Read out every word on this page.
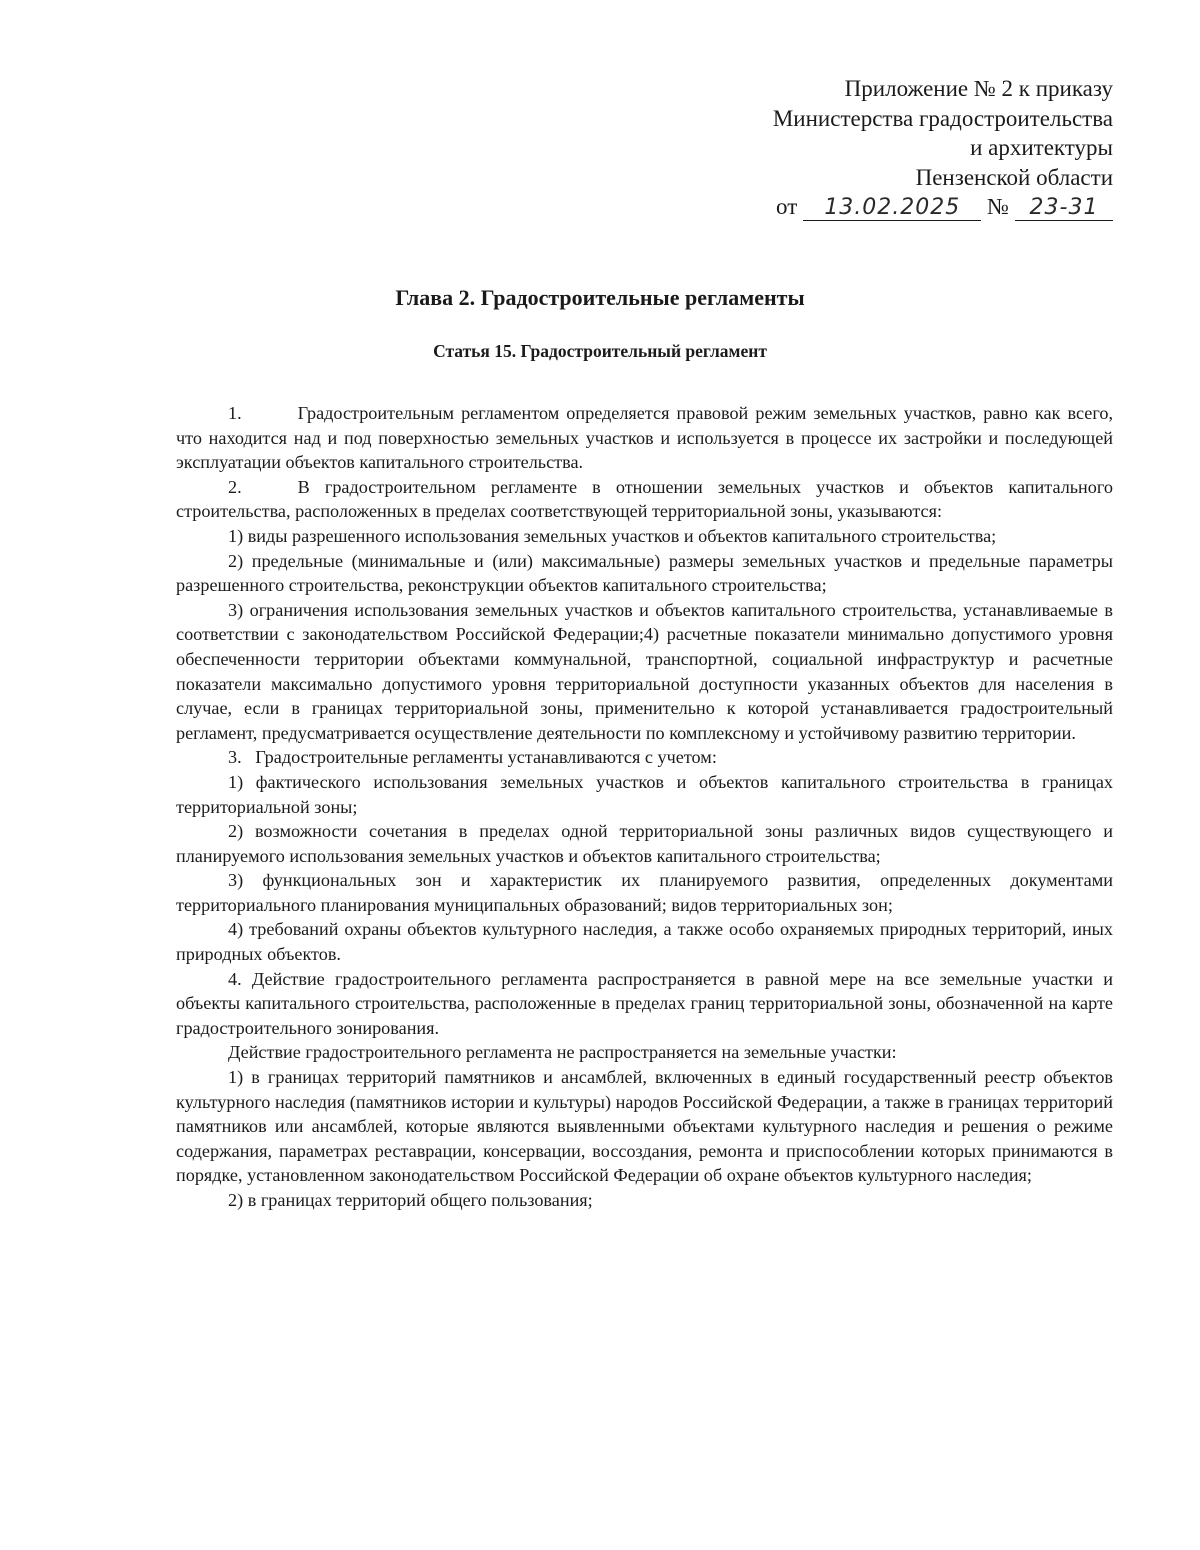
Приложение № 2 к приказу
Министерства градостроительства
и архитектуры
Пензенской области
от 13.02.2025 № 23-31
Глава 2. Градостроительные регламенты
Статья 15. Градостроительный регламент

1.	Градостроительным регламентом определяется правовой режим земельных участков, равно как всего, что находится над и под поверхностью земельных участков и используется в процессе их застройки и последующей эксплуатации объектов капитального строительства.

2.	В градостроительном регламенте в отношении земельных участков и объектов капитального строительства, расположенных в пределах соответствующей территориальной зоны, указываются:

1) виды разрешенного использования земельных участков и объектов капитального строительства;

2) предельные (минимальные и (или) максимальные) размеры земельных участков и предельные параметры разрешенного строительства, реконструкции объектов капитального строительства;

3) ограничения использования земельных участков и объектов капитального строительства, устанавливаемые в соответствии с законодательством Российской Федерации;4) расчетные показатели минимально допустимого уровня обеспеченности территории объектами коммунальной, транспортной, социальной инфраструктур и расчетные показатели максимально допустимого уровня территориальной доступности указанных объектов для населения в случае, если в границах территориальной зоны, применительно к которой устанавливается градостроительный регламент, предусматривается осуществление деятельности по комплексному и устойчивому развитию территории.

3.   Градостроительные регламенты устанавливаются с учетом:

1) фактического использования земельных участков и объектов капитального строительства в границах территориальной зоны;

2) возможности сочетания в пределах одной территориальной зоны различных видов существующего и планируемого использования земельных участков и объектов капитального строительства;

3) функциональных зон и характеристик их планируемого развития, определенных документами территориального планирования муниципальных образований; видов территориальных зон;

4) требований охраны объектов культурного наследия, а также особо охраняемых природных территорий, иных природных объектов.

4. Действие градостроительного регламента распространяется в равной мере на все земельные участки и объекты капитального строительства, расположенные в пределах границ территориальной зоны, обозначенной на карте градостроительного зонирования.

Действие градостроительного регламента не распространяется на земельные участки:

1) в границах территорий памятников и ансамблей, включенных в единый государственный реестр объектов культурного наследия (памятников истории и культуры) народов Российской Федерации, а также в границах территорий памятников или ансамблей, которые являются выявленными объектами культурного наследия и решения о режиме содержания, параметрах реставрации, консервации, воссоздания, ремонта и приспособлении которых принимаются в порядке, установленном законодательством Российской Федерации об охране объектов культурного наследия;

2) в границах территорий общего пользования;
